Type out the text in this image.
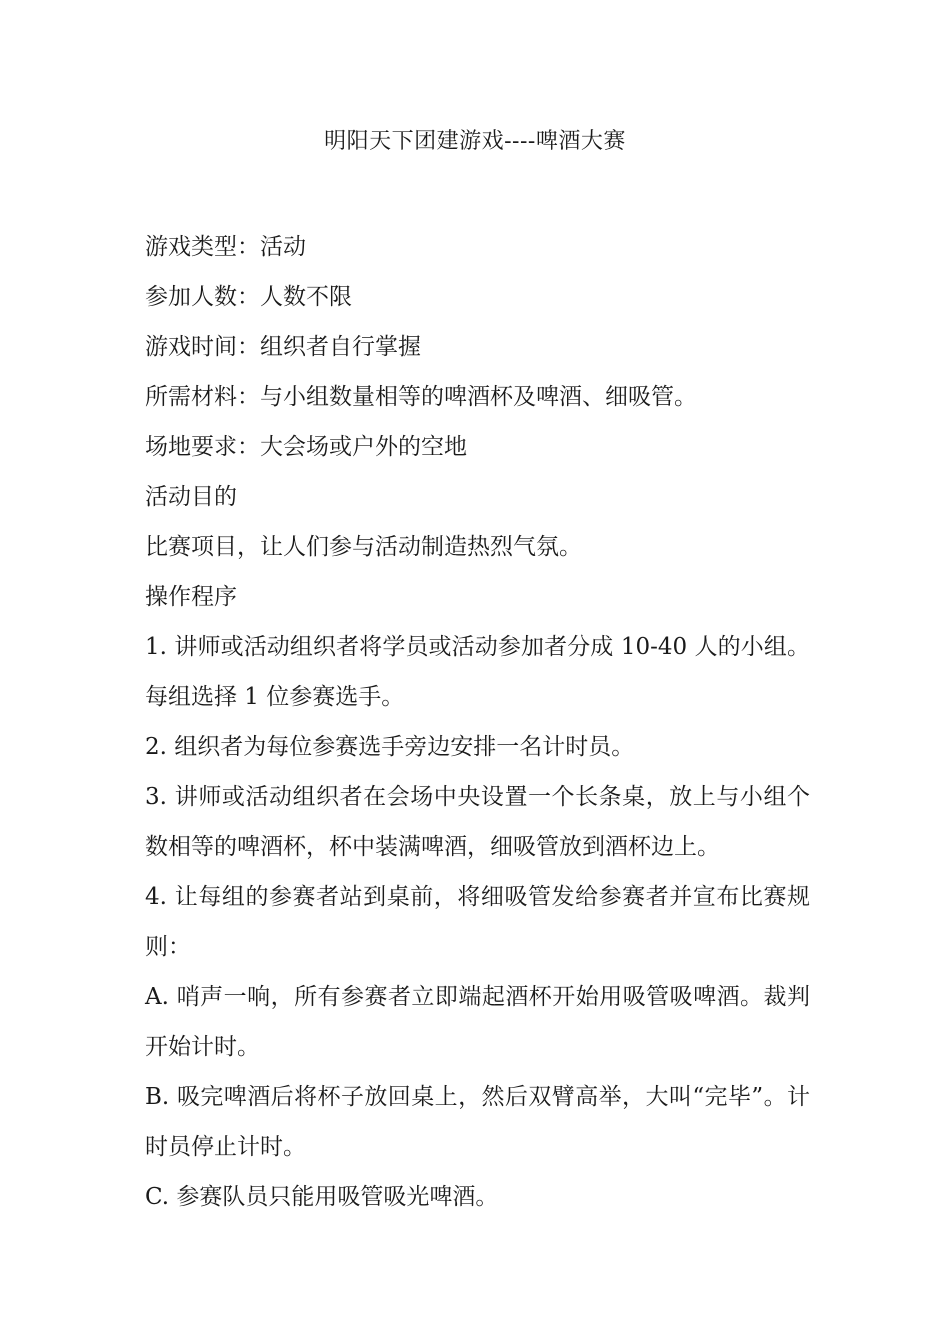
明阳天下团建游戏----啤酒大赛

游戏类型：活动

参加人数：人数不限

游戏时间：组织者自行掌握

所需材料：与小组数量相等的啤酒杯及啤酒、细吸管。

场地要求：大会场或户外的空地

活动目的

比赛项目，让人们参与活动制造热烈气氛。

操作程序

1. 讲师或活动组织者将学员或活动参加者分成 10-40 人的小组。每组选择 1 位参赛选手。

2. 组织者为每位参赛选手旁边安排一名计时员。

3. 讲师或活动组织者在会场中央设置一个长条桌，放上与小组个数相等的啤酒杯，杯中装满啤酒，细吸管放到酒杯边上。

4. 让每组的参赛者站到桌前，将细吸管发给参赛者并宣布比赛规则：

A. 哨声一响，所有参赛者立即端起酒杯开始用吸管吸啤酒。裁判开始计时。

B. 吸完啤酒后将杯子放回桌上，然后双臂高举，大叫“完毕”。计时员停止计时。

C. 参赛队员只能用吸管吸光啤酒。
